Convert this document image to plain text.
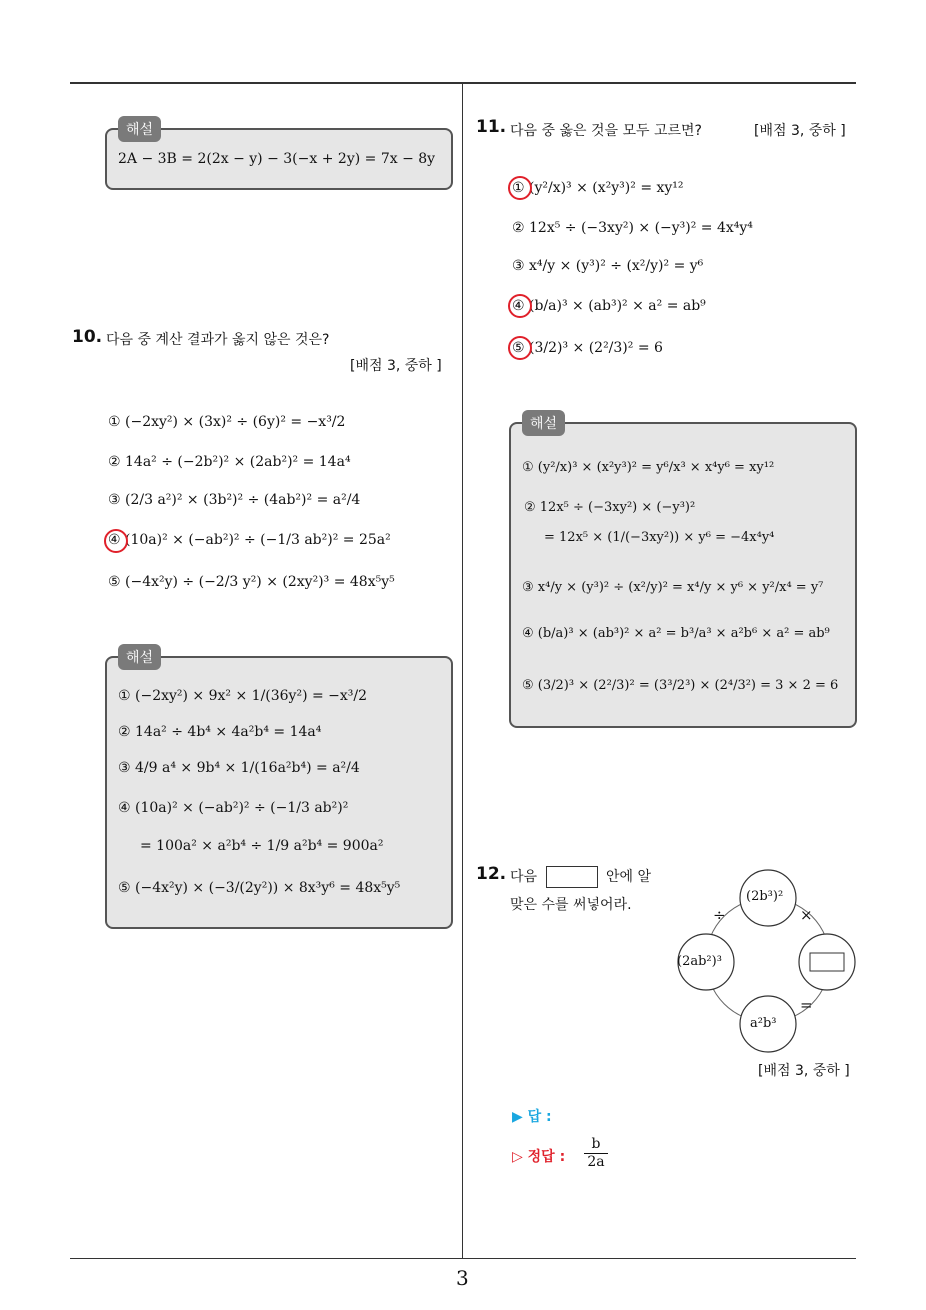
3
해설
2A − 3B = 2(2x − y) − 3(−x + 2y) = 7x − 8y
10. 다음 중 계산 결과가 옳지 않은 것은?
[배점 3, 중하 ]
① (−2xy²) × (3x)² ÷ (6y)² = −x³/2
② 14a² ÷ (−2b²)² × (2ab²)² = 14a⁴
③ (2/3 a²)² × (3b²)² ÷ (4ab²)² = a²/4
④ (10a)² × (−ab²)² ÷ (−1/3 ab²)² = 25a²
⑤ (−4x²y) ÷ (−2/3 y²) × (2xy²)³ = 48x⁵y⁵
해설
① (−2xy²) × 9x² × 1/(36y²) = −x³/2
② 14a² ÷ 4b⁴ × 4a²b⁴ = 14a⁴
③ 4/9 a⁴ × 9b⁴ × 1/(16a²b⁴) = a²/4
④ (10a)² × (−ab²)² ÷ (−1/3 ab²)²
= 100a² × a²b⁴ ÷ 1/9 a²b⁴ = 900a²
⑤ (−4x²y) × (−3/(2y²)) × 8x³y⁶ = 48x⁵y⁵
11. 다음 중 옳은 것을 모두 고르면?	[배점 3, 중하 ]
① (y²/x)³ × (x²y³)² = xy¹²
② 12x⁵ ÷ (−3xy²) × (−y³)² = 4x⁴y⁴
③ x⁴/y × (y³)² ÷ (x²/y)² = y⁶
④ (b/a)³ × (ab³)² × a² = ab⁹
⑤ (3/2)³ × (2²/3)² = 6
해설
① (y²/x)³ × (x²y³)² = y⁶/x³ × x⁴y⁶ = xy¹²
② 12x⁵ ÷ (−3xy²) × (−y³)²
= 12x⁵ × (1/(−3xy²)) × y⁶ = −4x⁴y⁴
③ x⁴/y × (y³)² ÷ (x²/y)² = x⁴/y × y⁶ × y²/x⁴ = y⁷
④ (b/a)³ × (ab³)² × a² = b³/a³ × a²b⁶ × a² = ab⁹
⑤ (3/2)³ × (2²/3)² = (3³/2³) × (2⁴/3²) = 3 × 2 = 6
12. 다음	안에 알
맞은 수를 써넣어라.
(2b³)²
(2ab²)³
a²b³
÷	×
=
[배점 3, 중하 ]
▶ 답 :
▷ 정답 : $\frac{b}{2a}$
